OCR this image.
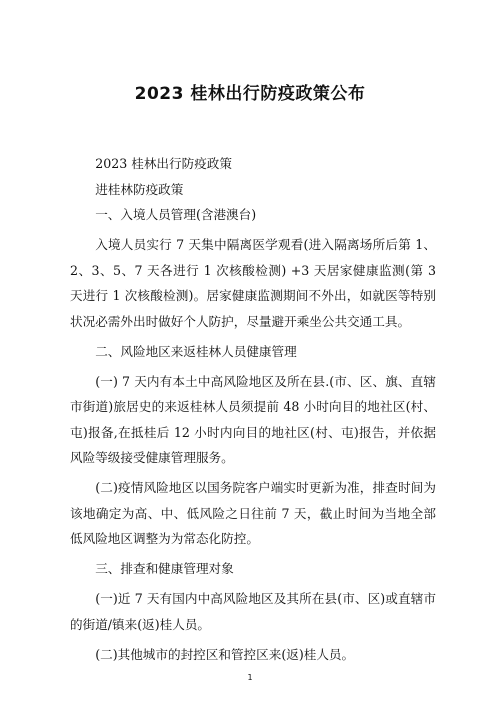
2023 桂林出行防疫政策公布

2023 桂林出行防疫政策

进桂林防疫政策

一、入境人员管理(含港澳台)

入境人员实行 7 天集中隔离医学观看(进入隔离场所后第 1、2、3、5、7 天各进行 1 次核酸检测) +3 天居家健康监测(第 3 天进行 1 次核酸检测)。居家健康监测期间不外出，如就医等特别状况必需外出时做好个人防护，尽量避开乘坐公共交通工具。

二、风险地区来返桂林人员健康管理

(一) 7 天内有本土中高风险地区及所在县.(市、区、旗、直辖市街道)旅居史的来返桂林人员须提前 48 小时向目的地社区(村、屯)报备,在抵桂后 12 小时内向目的地社区(村、屯)报告，并依据风险等级接受健康管理服务。

(二)疫情风险地区以国务院客户端实时更新为准，排查时间为该地确定为高、中、低风险之日往前 7 天，截止时间为当地全部低风险地区调整为为常态化防控。

三、排查和健康管理对象

(一)近 7 天有国内中高风险地区及其所在县(市、区)或直辖市的街道/镇来(返)桂人员。

(二)其他城市的封控区和管控区来(返)桂人员。

1
